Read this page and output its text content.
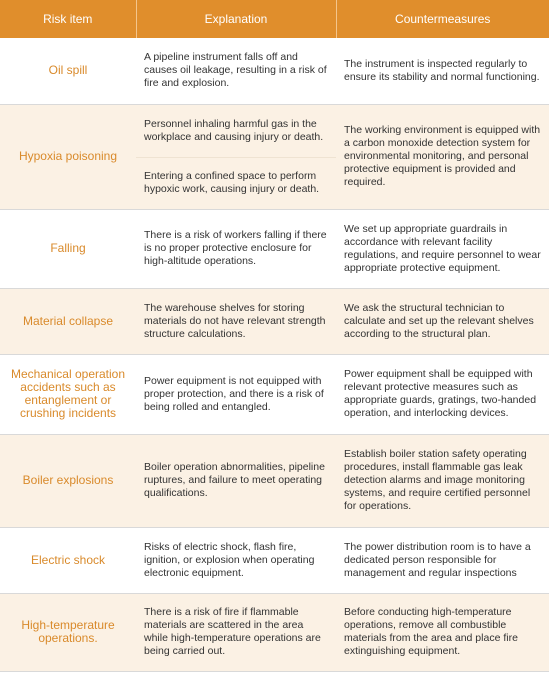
Risk item	Explanation	Countermeasures
Oil spill	A pipeline instrument falls off and causes oil leakage, resulting in a risk of fire and explosion.	The instrument is inspected regularly to ensure its stability and normal functioning.
Hypoxia poisoning	Personnel inhaling harmful gas in the workplace and causing injury or death.	The working environment is equipped with a carbon monoxide detection system for environmental monitoring, and personal protective equipment is provided and required.
	Entering a confined space to perform hypoxic work, causing injury or death.	
Falling	There is a risk of workers falling if there is no proper protective enclosure for high-altitude operations.	We set up appropriate guardrails in accordance with relevant facility regulations, and require personnel to wear appropriate protective equipment.
Material collapse	The warehouse shelves for storing materials do not have relevant strength structure calculations.	We ask the structural technician to calculate and set up the relevant shelves according to the structural plan.
Mechanical operation accidents such as entanglement or crushing incidents	Power equipment is not equipped with proper protection, and there is a risk of being rolled and entangled.	Power equipment shall be equipped with relevant protective measures such as appropriate guards, gratings, two-handed operation, and interlocking devices.
Boiler explosions	Boiler operation abnormalities, pipeline ruptures, and failure to meet operating qualifications.	Establish boiler station safety operating procedures, install flammable gas leak detection alarms and image monitoring systems, and require certified personnel for operations.
Electric shock	Risks of electric shock, flash fire, ignition, or explosion when operating electronic equipment.	The power distribution room is to have a dedicated person responsible for management and regular inspections
High-temperature operations.	There is a risk of fire if flammable materials are scattered in the area while high-temperature operations are being carried out.	Before conducting high-temperature operations, remove all combustible materials from the area and place fire extinguishing equipment.
